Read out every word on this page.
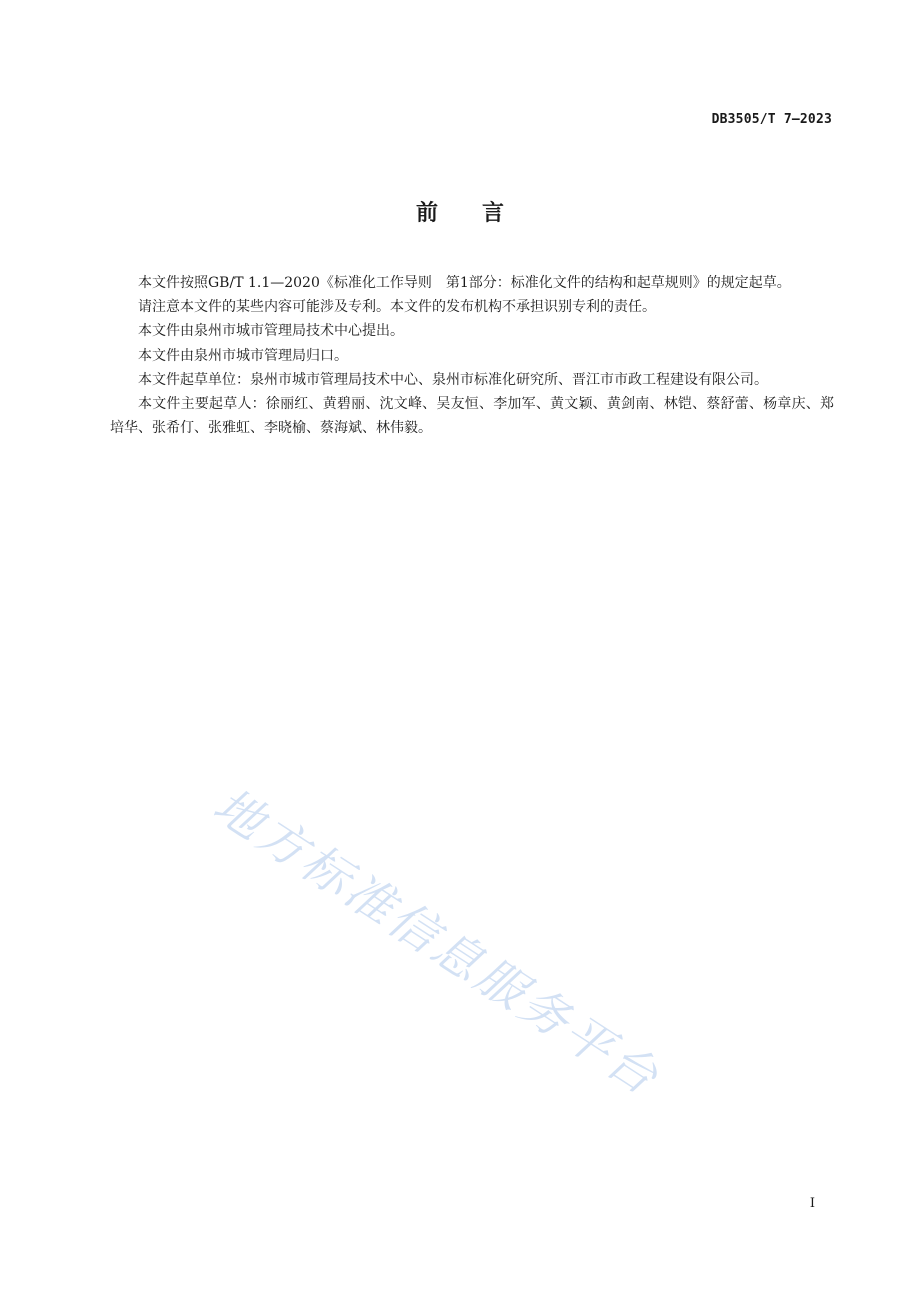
DB3505/T 7—2023
前言

本文件按照GB/T 1.1—2020《标准化工作导则　第1部分：标准化文件的结构和起草规则》的规定起草。

请注意本文件的某些内容可能涉及专利。本文件的发布机构不承担识别专利的责任。

本文件由泉州市城市管理局技术中心提出。

本文件由泉州市城市管理局归口。

本文件起草单位：泉州市城市管理局技术中心、泉州市标准化研究所、晋江市市政工程建设有限公司。

本文件主要起草人：徐丽红、黄碧丽、沈文峰、吴友恒、李加军、黄文颖、黄剑南、林铠、蔡舒蕾、杨章庆、郑培华、张希仃、张雅虹、李晓榆、蔡海斌、林伟毅。

地方标准信息服务平台
I
